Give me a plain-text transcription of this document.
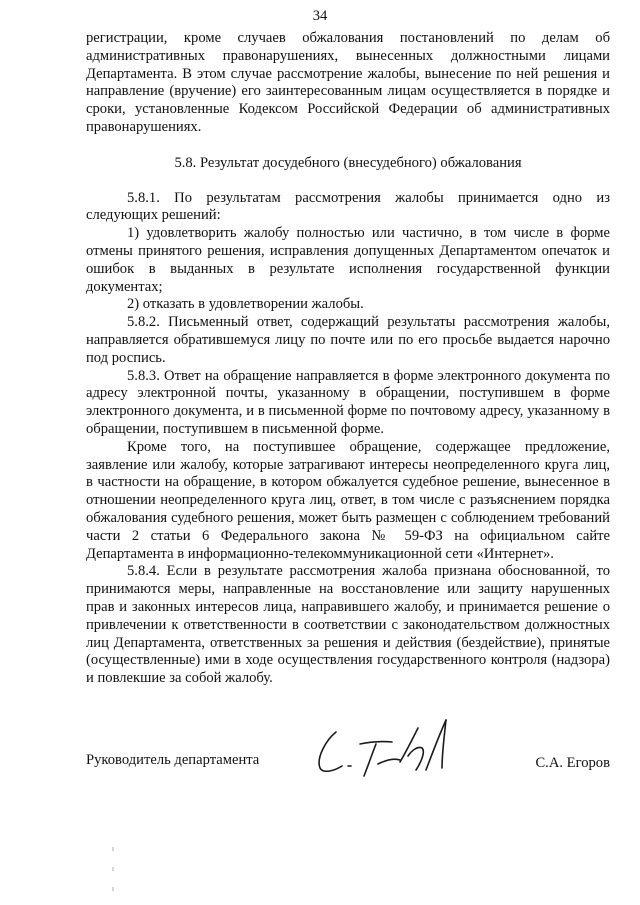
34

регистрации, кроме случаев обжалования постановлений по делам об административных правонарушениях, вынесенных должностными лицами Департамента. В этом случае рассмотрение жалобы, вынесение по ней решения и направление (вручение) его заинтересованным лицам осуществляется в порядке и сроки, установленные Кодексом Российской Федерации об административных правонарушениях.

5.8. Результат досудебного (внесудебного) обжалования

5.8.1. По результатам рассмотрения жалобы принимается одно из следующих решений:

1) удовлетворить жалобу полностью или частично, в том числе в форме отмены принятого решения, исправления допущенных Департаментом опечаток и ошибок в выданных в результате исполнения государственной функции документах;

2) отказать в удовлетворении жалобы.

5.8.2. Письменный ответ, содержащий результаты рассмотрения жалобы, направляется обратившемуся лицу по почте или по его просьбе выдается нарочно под роспись.

5.8.3. Ответ на обращение направляется в форме электронного документа по адресу электронной почты, указанному в обращении, поступившем в форме электронного документа, и в письменной форме по почтовому адресу, указанному в обращении, поступившем в письменной форме.

Кроме того, на поступившее обращение, содержащее предложение, заявление или жалобу, которые затрагивают интересы неопределенного круга лиц, в частности на обращение, в котором обжалуется судебное решение, вынесенное в отношении неопределенного круга лиц, ответ, в том числе с разъяснением порядка обжалования судебного решения, может быть размещен с соблюдением требований части 2 статьи 6 Федерального закона № 59-ФЗ на официальном сайте Департамента в информационно-телекоммуникационной сети «Интернет».

5.8.4. Если в результате рассмотрения жалоба признана обоснованной, то принимаются меры, направленные на восстановление или защиту нарушенных прав и законных интересов лица, направившего жалобу, и принимается решение о привлечении к ответственности в соответствии с законодательством должностных лиц Департамента, ответственных за решения и действия (бездействие), принятые (осуществленные) ими в ходе осуществления государственного контроля (надзора) и повлекшие за собой жалобу.

Руководитель департамента	С.А. Егоров
